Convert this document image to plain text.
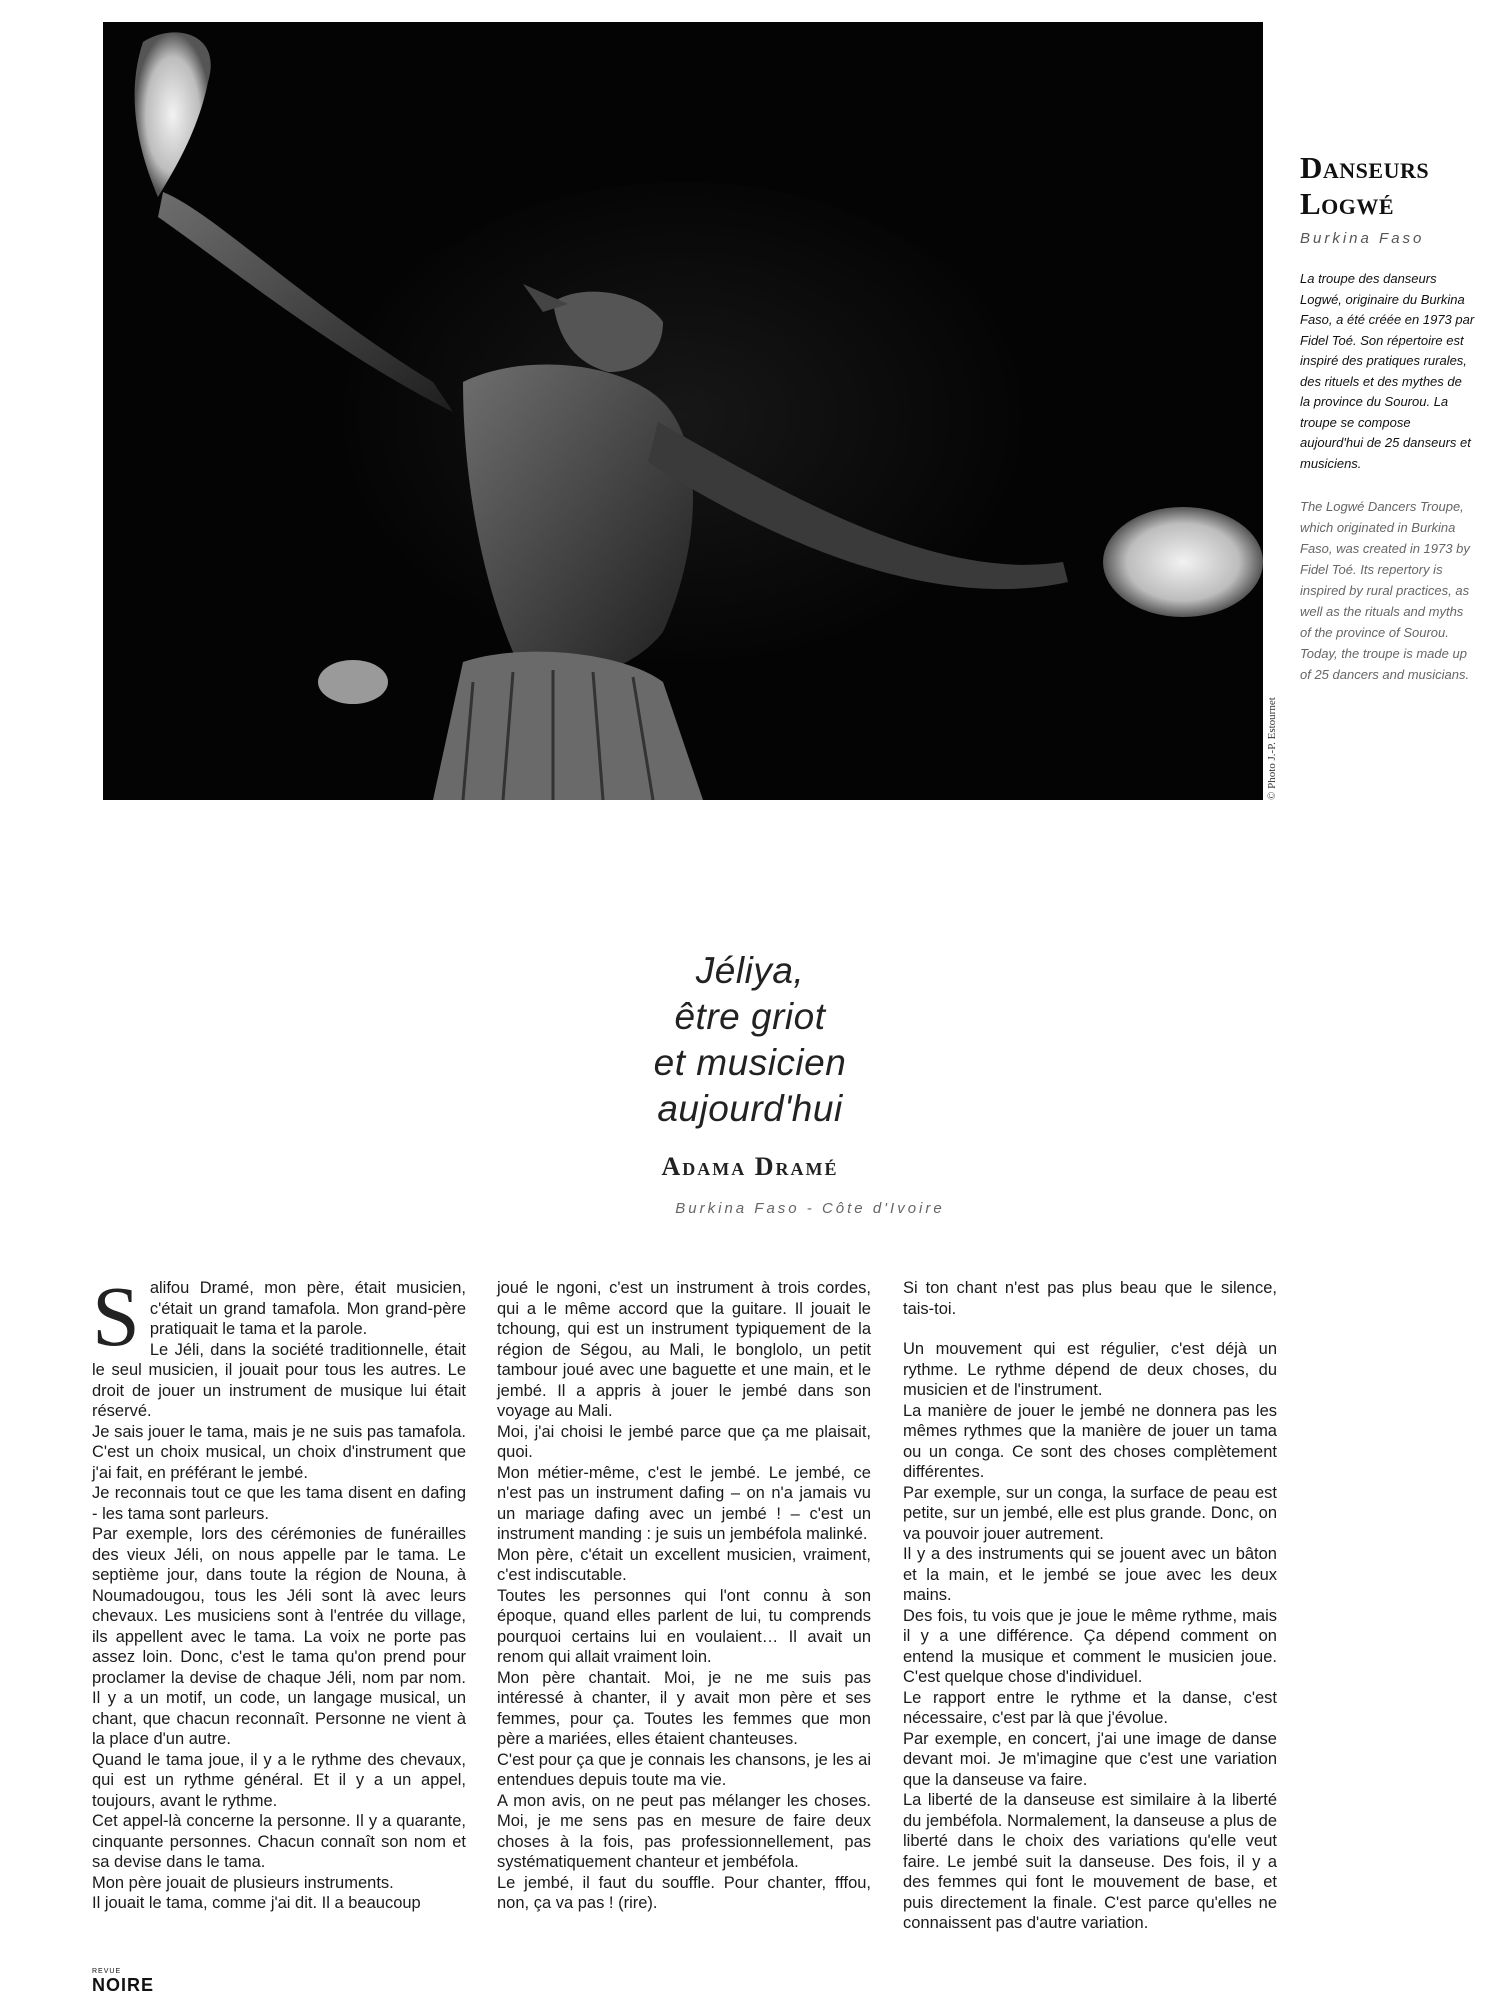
© Photo J.-P. Estournet
Danseurs
Logwé
Burkina Faso

La troupe des danseurs Logwé, originaire du Burkina Faso, a été créée en 1973 par Fidel Toé. Son répertoire est inspiré des pratiques rurales, des rituels et des mythes de la province du Sourou. La troupe se compose aujourd'hui de 25 danseurs et musiciens.

The Logwé Dancers Troupe, which originated in Burkina Faso, was created in 1973 by Fidel Toé. Its repertory is inspired by rural practices, as well as the rituals and myths of the province of Sourou. Today, the troupe is made up of 25 dancers and musicians.

Jéliya,
être griot
et musicien
aujourd'hui
Adama Dramé
Burkina Faso - Côte d'Ivoire
S alifou Dramé, mon père, était musicien, c'était un grand tamafola. Mon grand-père pratiquait le tama et la parole.

Le Jéli, dans la société traditionnelle, était le seul musicien, il jouait pour tous les autres. Le droit de jouer un instrument de musique lui était réservé.

Je sais jouer le tama, mais je ne suis pas tamafola. C'est un choix musical, un choix d'instrument que j'ai fait, en préférant le jembé.

Je reconnais tout ce que les tama disent en dafing - les tama sont parleurs.

Par exemple, lors des cérémonies de funérailles des vieux Jéli, on nous appelle par le tama. Le septième jour, dans toute la région de Nouna, à Noumadougou, tous les Jéli sont là avec leurs chevaux. Les musiciens sont à l'entrée du village, ils appellent avec le tama. La voix ne porte pas assez loin. Donc, c'est le tama qu'on prend pour proclamer la devise de chaque Jéli, nom par nom. Il y a un motif, un code, un langage musical, un chant, que chacun reconnaît. Personne ne vient à la place d'un autre.

Quand le tama joue, il y a le rythme des chevaux, qui est un rythme général. Et il y a un appel, toujours, avant le rythme.

Cet appel-là concerne la personne. Il y a quarante, cinquante personnes. Chacun connaît son nom et sa devise dans le tama.

Mon père jouait de plusieurs instruments.

Il jouait le tama, comme j'ai dit. Il a beaucoup

joué le ngoni, c'est un instrument à trois cordes, qui a le même accord que la guitare. Il jouait le tchoung, qui est un instrument typiquement de la région de Ségou, au Mali, le bonglolo, un petit tambour joué avec une baguette et une main, et le jembé. Il a appris à jouer le jembé dans son voyage au Mali.

Moi, j'ai choisi le jembé parce que ça me plaisait, quoi.

Mon métier-même, c'est le jembé. Le jembé, ce n'est pas un instrument dafing – on n'a jamais vu un mariage dafing avec un jembé ! – c'est un instrument manding : je suis un jembéfola malinké.

Mon père, c'était un excellent musicien, vraiment, c'est indiscutable.

Toutes les personnes qui l'ont connu à son époque, quand elles parlent de lui, tu comprends pourquoi certains lui en voulaient… Il avait un renom qui allait vraiment loin.

Mon père chantait. Moi, je ne me suis pas intéressé à chanter, il y avait mon père et ses femmes, pour ça. Toutes les femmes que mon père a mariées, elles étaient chanteuses.

C'est pour ça que je connais les chansons, je les ai entendues depuis toute ma vie.

A mon avis, on ne peut pas mélanger les choses. Moi, je me sens pas en mesure de faire deux choses à la fois, pas professionnellement, pas systématiquement chanteur et jembéfola.

Le jembé, il faut du souffle. Pour chanter, fffou, non, ça va pas ! (rire).

Si ton chant n'est pas plus beau que le silence, tais-toi.

Un mouvement qui est régulier, c'est déjà un rythme. Le rythme dépend de deux choses, du musicien et de l'instrument.

La manière de jouer le jembé ne donnera pas les mêmes rythmes que la manière de jouer un tama ou un conga. Ce sont des choses complètement différentes.

Par exemple, sur un conga, la surface de peau est petite, sur un jembé, elle est plus grande. Donc, on va pouvoir jouer autrement.

Il y a des instruments qui se jouent avec un bâton et la main, et le jembé se joue avec les deux mains.

Des fois, tu vois que je joue le même rythme, mais il y a une différence. Ça dépend comment on entend la musique et comment le musicien joue. C'est quelque chose d'individuel.

Le rapport entre le rythme et la danse, c'est nécessaire, c'est par là que j'évolue.

Par exemple, en concert, j'ai une image de danse devant moi. Je m'imagine que c'est une variation que la danseuse va faire.

La liberté de la danseuse est similaire à la liberté du jembéfola. Normalement, la danseuse a plus de liberté dans le choix des variations qu'elle veut faire. Le jembé suit la danseuse. Des fois, il y a des femmes qui font le mouvement de base, et puis directement la finale. C'est parce qu'elles ne connaissent pas d'autre variation.

REVUE
NOIRE
